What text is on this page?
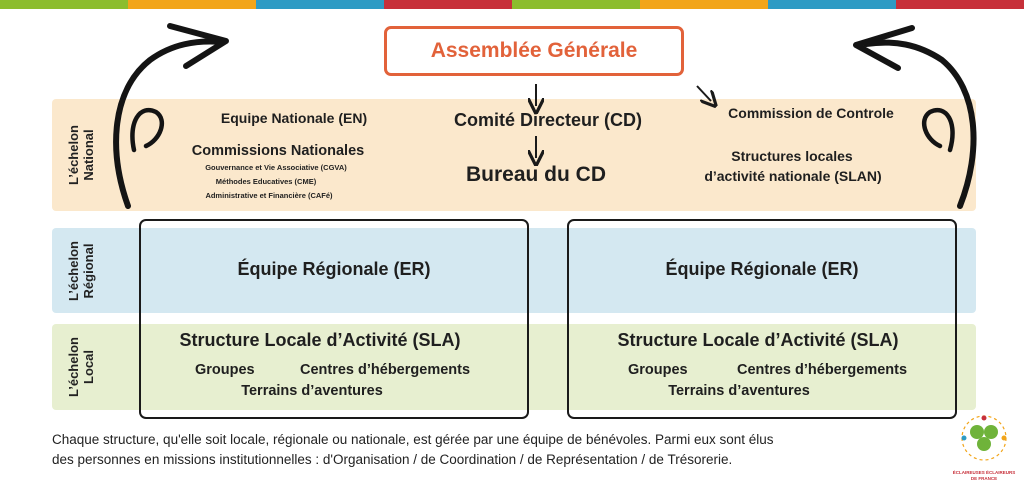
L’échelon
National
L’échelon
Régional
L’échelon
Local
Assemblée Générale
Equipe Nationale (EN)
Commissions Nationales
Gouvernance et Vie Associative (CGVA)
Méthodes Educatives (CME)
Administrative et Financière (CAFé)
Comité Directeur (CD)
Bureau du CD
Commission de Controle
Structures locales
d’activité nationale (SLAN)
Équipe Régionale (ER)	Équipe Régionale (ER)
Structure Locale d’Activité (SLA)
Groupes	Centres d’hébergements
Terrains d’aventures
Structure Locale d’Activité (SLA)
Groupes	Centres d’hébergements
Terrains d’aventures
ÉCLAIREUSES ÉCLAIREURS
DE FRANCE
Chaque structure, qu'elle soit locale, régionale ou nationale, est gérée par une équipe de bénévoles. Parmi eux sont élus
des personnes en missions institutionnelles : d'Organisation / de Coordination / de Représentation / de Trésorerie.
